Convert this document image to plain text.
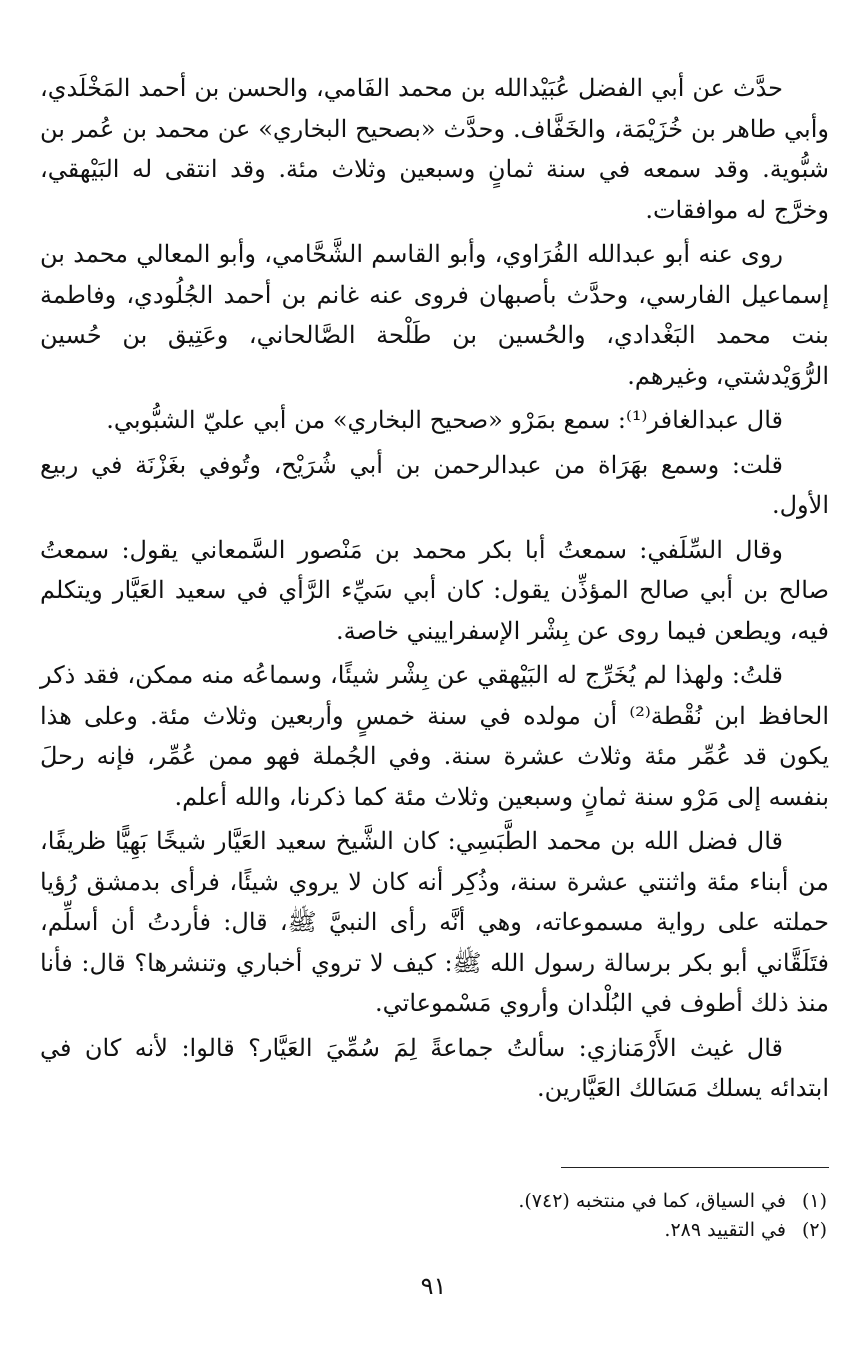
حدَّث عن أبي الفضل عُبَيْدالله بن محمد الفَامي، والحسن بن أحمد المَخْلَدي، وأبي طاهر بن خُزَيْمَة، والخَفَّاف. وحدَّث «بصحيح البخاري» عن محمد بن عُمر بن شبُّوية. وقد سمعه في سنة ثمانٍ وسبعين وثلاث مئة. وقد انتقى له البَيْهقي، وخرَّج له موافقات.

روى عنه أبو عبدالله الفُرَاوي، وأبو القاسم الشَّحَّامي، وأبو المعالي محمد بن إسماعيل الفارسي، وحدَّث بأصبهان فروى عنه غانم بن أحمد الجُلُودي، وفاطمة بنت محمد البَغْدادي، والحُسين بن طَلْحة الصَّالحاني، وعَتِيق بن حُسين الرُّوَيْدشتي، وغيرهم.

قال عبدالغافر⁽¹⁾: سمع بمَرْو «صحيح البخاري» من أبي عليّ الشبُّوبي.

قلت: وسمع بهَرَاة من عبدالرحمن بن أبي شُرَيْح، وتُوفي بغَزْنَة في ربيع الأول.

وقال السِّلَفي: سمعتُ أبا بكر محمد بن مَنْصور السَّمعاني يقول: سمعتُ صالح بن أبي صالح المؤذِّن يقول: كان أبي سَيِّء الرَّأي في سعيد العَيَّار ويتكلم فيه، ويطعن فيما روى عن بِشْر الإسفراييني خاصة.

قلتُ: ولهذا لم يُخَرِّج له البَيْهقي عن بِشْر شيئًا، وسماعُه منه ممكن، فقد ذكر الحافظ ابن نُقْطة⁽²⁾ أن مولده في سنة خمسٍ وأربعين وثلاث مئة. وعلى هذا يكون قد عُمِّر مئة وثلاث عشرة سنة. وفي الجُملة فهو ممن عُمِّر، فإنه رحلَ بنفسه إلى مَرْو سنة ثمانٍ وسبعين وثلاث مئة كما ذكرنا، والله أعلم.

قال فضل الله بن محمد الطَّبَسِي: كان الشَّيخ سعيد العَيَّار شيخًا بَهِيًّا ظريفًا، من أبناء مئة واثنتي عشرة سنة، وذُكِر أنه كان لا يروي شيئًا، فرأى بدمشق رُؤيا حملته على رواية مسموعاته، وهي أنَّه رأى النبيَّ ﷺ، قال: فأردتُ أن أسلِّم، فتَلَقَّاني أبو بكر برسالة رسول الله ﷺ: كيف لا تروي أخباري وتنشرها؟ قال: فأنا منذ ذلك أطوف في البُلْدان وأروي مَسْموعاتي.

قال غيث الأَرْمَنازي: سألتُ جماعةً لِمَ سُمِّيَ العَيَّار؟ قالوا: لأنه كان في ابتدائه يسلك مَسَالك العَيَّارين.

(١)
في السياق، كما في منتخبه (٧٤٢).
(٢)
في التقييد ٢٨٩.
٩١
